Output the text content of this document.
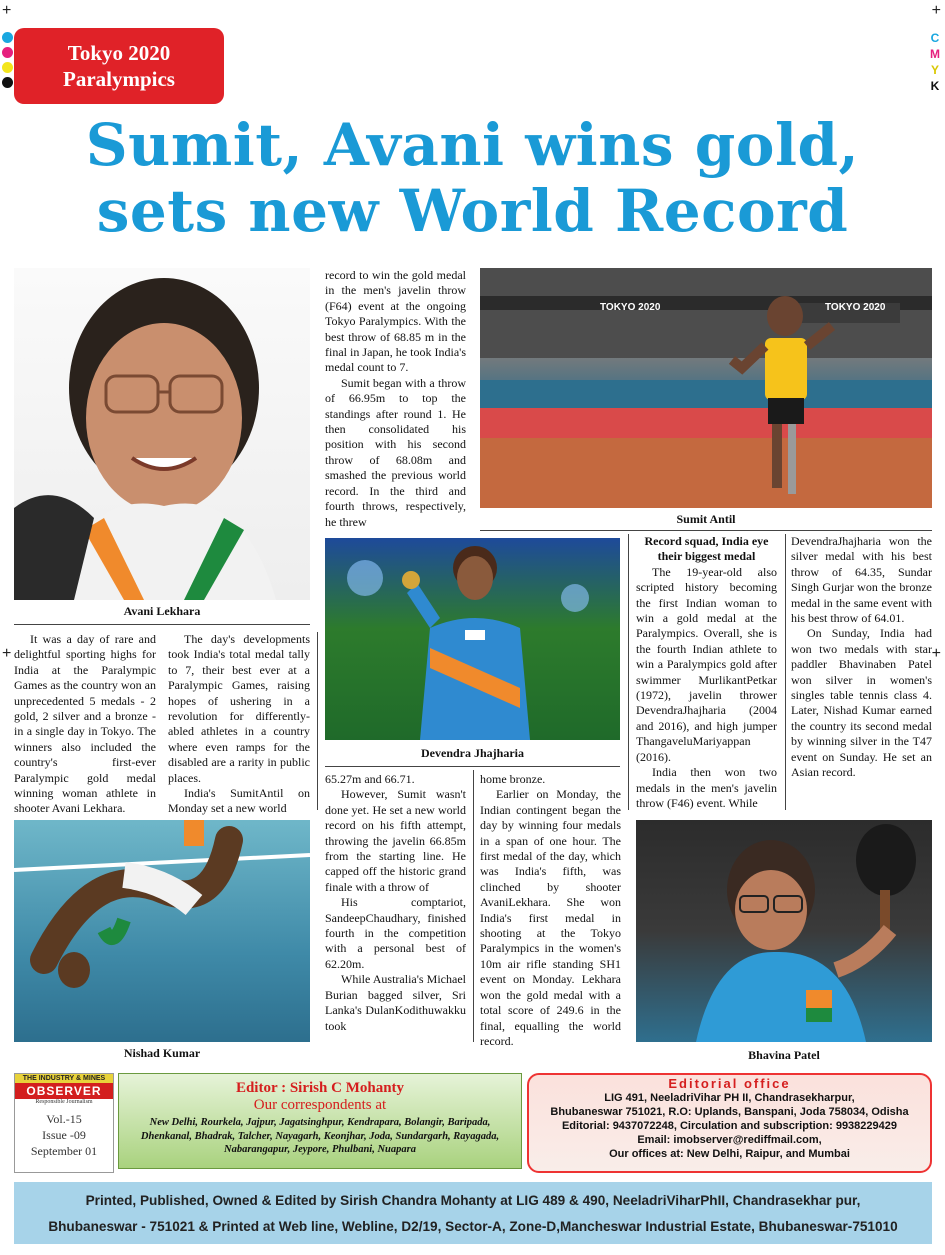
+	+
+	+
C
M
Y
K
Tokyo 2020
Paralympics
Sumit, Avani wins gold,
sets new World Record
Avani Lekhara
TOKYO 2020	TOKYO 2020
Sumit Antil
Devendra Jhajharia
Nishad Kumar	Bhavina Patel

It was a day of rare and delightful sporting highs for India at the Paralympic Games as the country won an unprecedented 5 medals - 2 gold, 2 silver and a bronze - in a single day in Tokyo. The winners also included the country's first-ever Paralympic gold medal winning woman athlete in shooter Avani Lekhara.

The day's developments took India's total medal tally to 7, their best ever at a Paralympic Games, raising hopes of ushering in a revolution for differently-abled athletes in a country where even ramps for the disabled are a rarity in public places.

India's SumitAntil on Monday set a new world

record to win the gold medal in the men's javelin throw (F64) event at the ongoing Tokyo Paralympics. With the best throw of 68.85 m in the final in Japan, he took India's medal count to 7.

Sumit began with a throw of 66.95m to top the standings after round 1. He then consolidated his position with his second throw of 68.08m and smashed the previous world record. In the third and fourth throws, respectively, he threw

65.27m and 66.71.

However, Sumit wasn't done yet. He set a new world record on his fifth attempt, throwing the javelin 66.85m from the starting line. He capped off the historic grand finale with a throw of

His comptariot, SandeepChaudhary, finished fourth in the competition with a personal best of 62.20m.

While Australia's Michael Burian bagged silver, Sri Lanka's DulanKodithuwakku took

home bronze.

Earlier on Monday, the Indian contingent began the day by winning four medals in a span of one hour. The first medal of the day, which was India's fifth, was clinched by shooter AvaniLekhara. She won India's first medal in shooting at the Tokyo Paralympics in the women's 10m air rifle standing SH1 event on Monday. Lekhara won the gold medal with a total score of 249.6 in the final, equalling the world record.

Record squad, India eye their biggest medal

The 19-year-old also scripted history becoming the first Indian woman to win a gold medal at the Paralympics. Overall, she is the fourth Indian athlete to win a Paralympics gold after swimmer MurlikantPetkar (1972), javelin thrower DevendraJhajharia (2004 and 2016), and high jumper ThangaveluMariyappan (2016).

India then won two medals in the men's javelin throw (F46) event. While

DevendraJhajharia won the silver medal with his best throw of 64.35, Sundar Singh Gurjar won the bronze medal in the same event with his best throw of 64.01.

On Sunday, India had won two medals with star paddler Bhavinaben Patel won silver in women's singles table tennis class 4. Later, Nishad Kumar earned the country its second medal by winning silver in the T47 event on Sunday. He set an Asian record.

THE INDUSTRY & MINES
OBSERVER
Responsible Journalism
Vol.-15
Issue -09
September 01
Editor : Sirish C Mohanty
Our correspondents at
New Delhi, Rourkela, Jajpur, Jagatsinghpur, Kendrapara, Bolangir, Baripada, Dhenkanal, Bhadrak, Talcher, Nayagarh, Keonjhar, Joda, Sundargarh, Rayagada, Nabarangapur, Jeypore, Phulbani, Nuapara
Editorial office
LIG 491, NeeladriVihar PH II, Chandrasekharpur,
Bhubaneswar 751021, R.O: Uplands, Banspani, Joda 758034, Odisha
Editorial: 9437072248, Circulation and subscription: 9938229429
Email: imobserver@rediffmail.com,
Our offices at: New Delhi, Raipur, and Mumbai
Printed, Published, Owned & Edited by Sirish Chandra Mohanty at LIG 489 & 490, NeeladriViharPhII, Chandrasekhar pur,
Bhubaneswar - 751021 & Printed at Web line, Webline, D2/19, Sector-A, Zone-D,Mancheswar Industrial Estate, Bhubaneswar-751010
